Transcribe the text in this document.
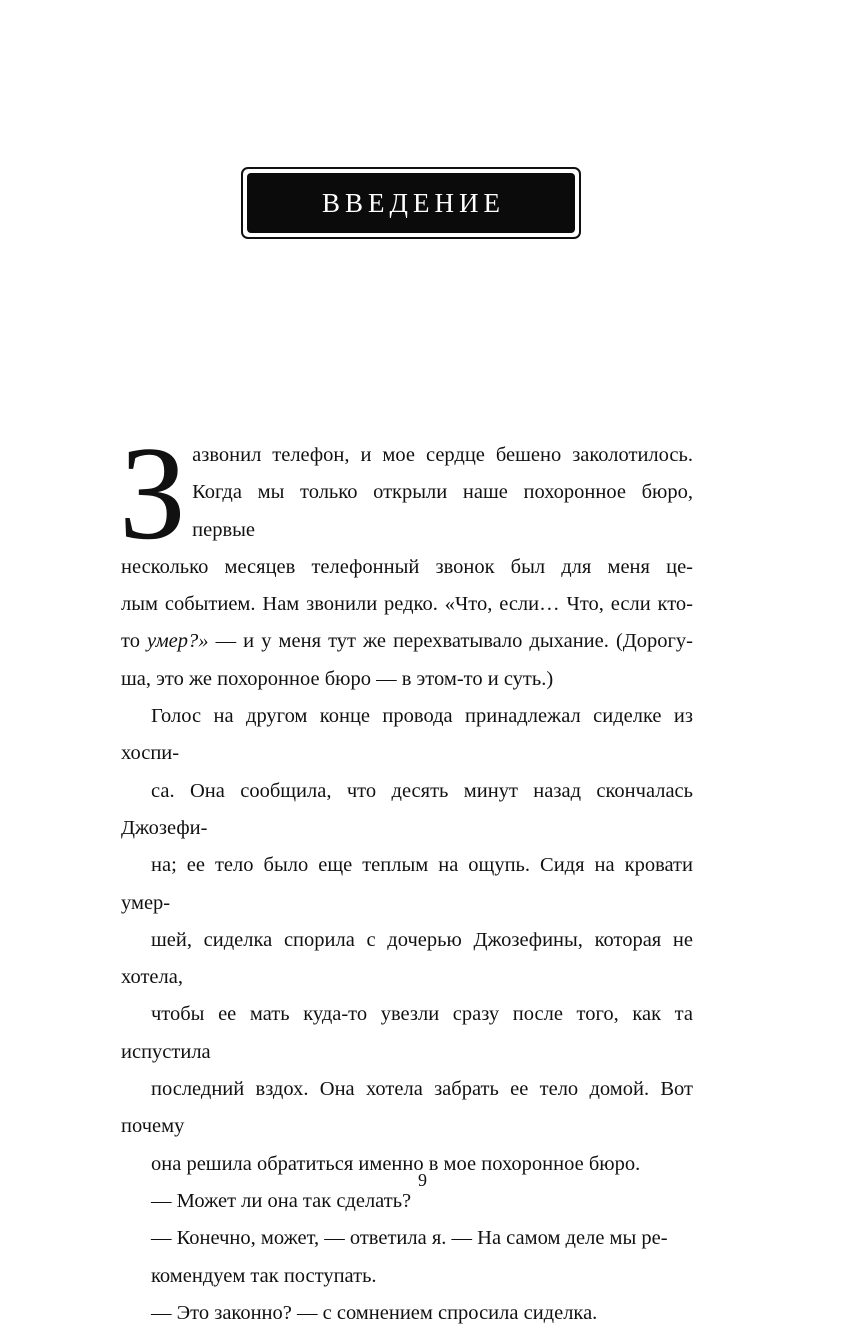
ВВЕДЕНИЕ

З азвонил телефон, и мое сердце бешено заколотилось.
Когда мы только открыли наше похоронное бюро, первые
несколько месяцев телефонный звонок был для меня це-
лым событием. Нам звонили редко. «Что, если… Что, если кто-
то умер?» — и у меня тут же перехватывало дыхание. (Дорогу-
ша, это же похоронное бюро — в этом-то и суть.)

Голос на другом конце провода принадлежал сиделке из хоспи-
са. Она сообщила, что десять минут назад скончалась Джозефи-
на; ее тело было еще теплым на ощупь. Сидя на кровати умер-
шей, сиделка спорила с дочерью Джозефины, которая не хотела,
чтобы ее мать куда-то увезли сразу после того, как та испустила
последний вздох. Она хотела забрать ее тело домой. Вот почему
она решила обратиться именно в мое похоронное бюро.

— Может ли она так сделать?

— Конечно, может, — ответила я. — На самом деле мы ре-
комендуем так поступать.

— Это законно? — с сомнением спросила сиделка.

9
